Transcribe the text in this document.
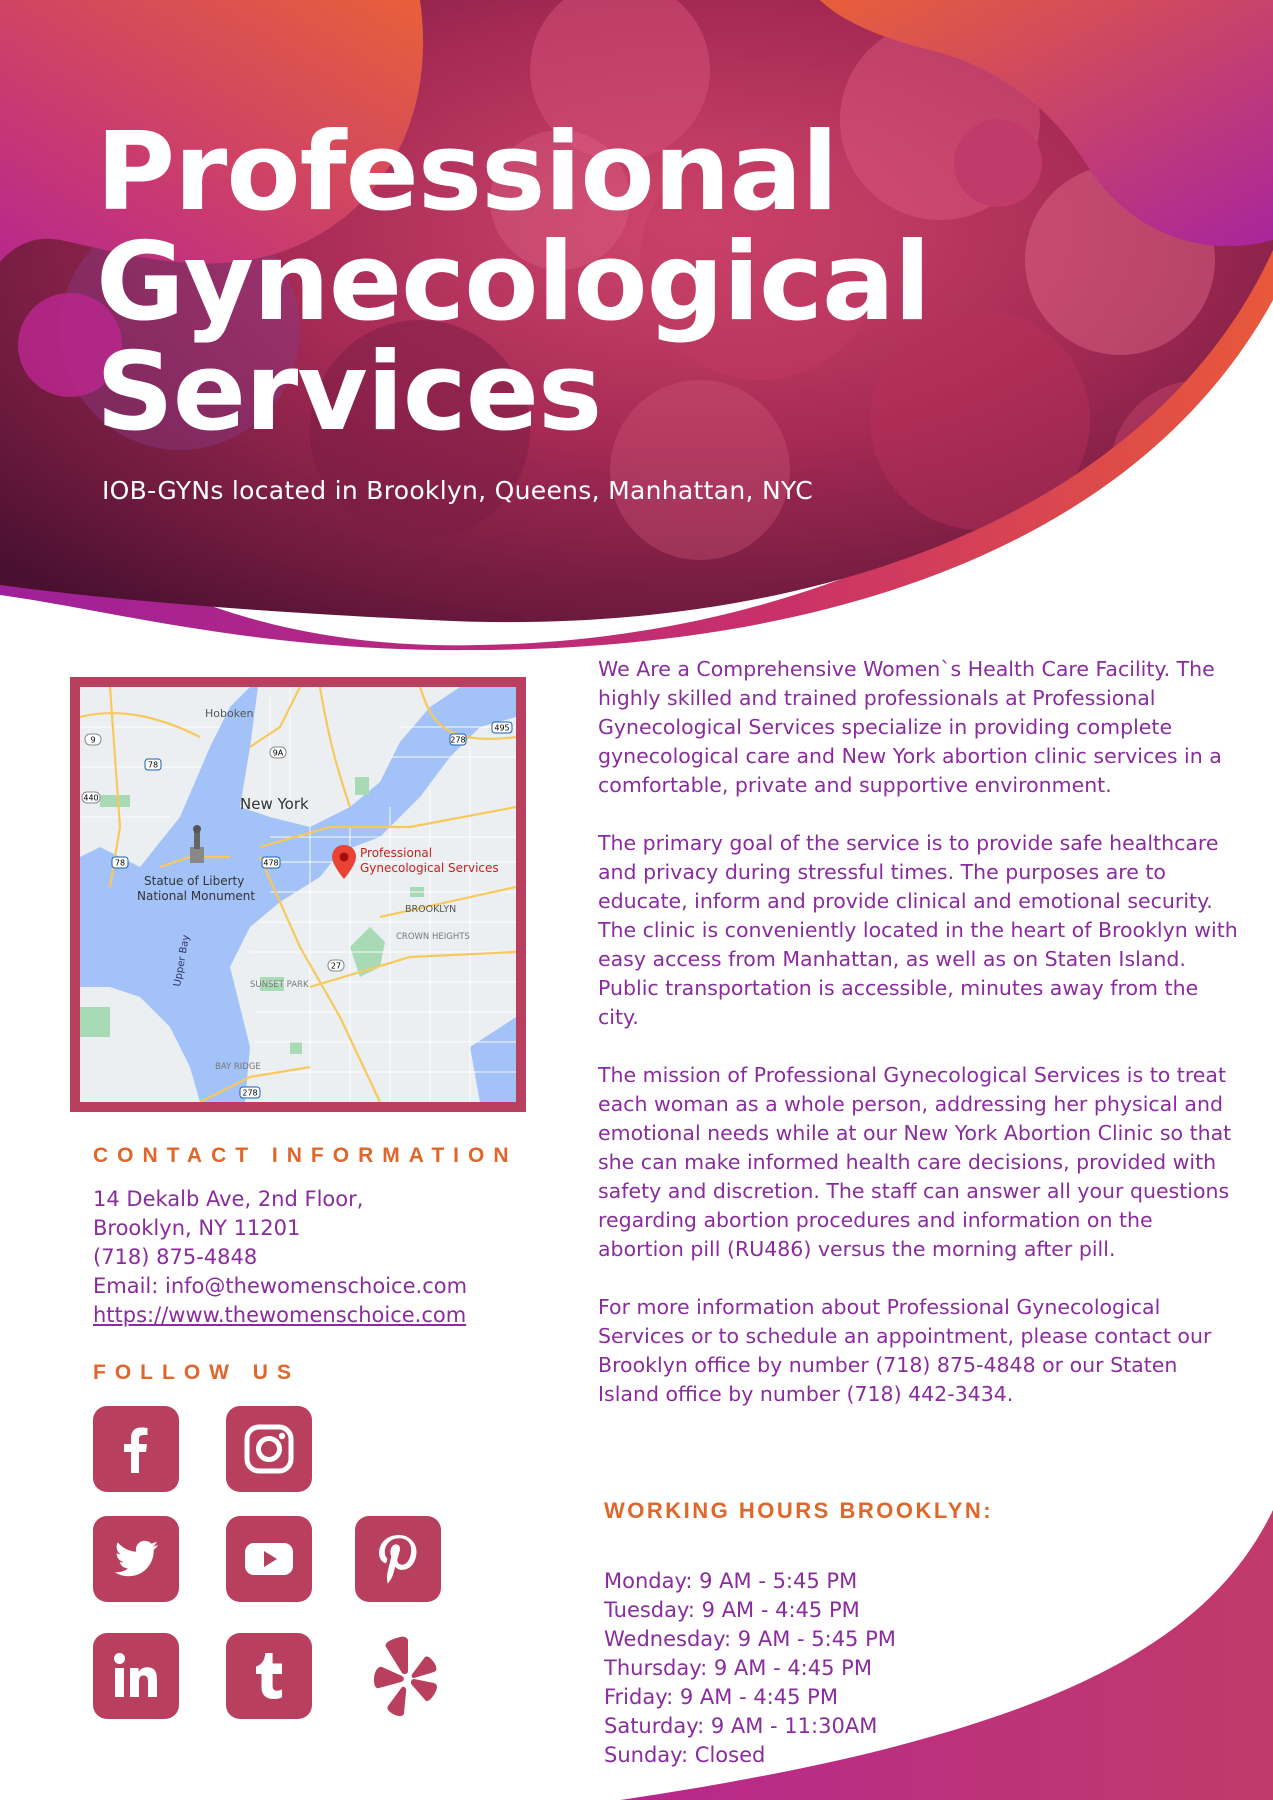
Professional
Gynecological
Services
IOB-GYNs located in Brooklyn, Queens, Manhattan, NYC
9
78
9A
278
495
440
78	478
27
278
Hoboken
New York
Statue of Liberty
National Monument
Professional
Gynecological Services
BROOKLYN
CROWN HEIGHTS
SUNSET PARK
BAY RIDGE
Upper Bay
CONTACT INFORMATION
14 Dekalb Ave, 2nd Floor,
Brooklyn, NY 11201
(718) 875-4848
Email: info@thewomenschoice.com
https://www.thewomenschoice.com
FOLLOW US

We Are a Comprehensive Women`s Health Care Facility. The highly skilled and trained professionals at Professional Gynecological Services specialize in providing complete gynecological care and New York abortion clinic services in a comfortable, private and supportive environment.

The primary goal of the service is to provide safe healthcare and privacy during stressful times. The purposes are to educate, inform and provide clinical and emotional security. The clinic is conveniently located in the heart of Brooklyn with easy access from Manhattan, as well as on Staten Island. Public transportation is accessible, minutes away from the city.

The mission of Professional Gynecological Services is to treat each woman as a whole person, addressing her physical and emotional needs while at our New York Abortion Clinic so that she can make informed health care decisions, provided with safety and discretion. The staff can answer all your questions regarding abortion procedures and information on the abortion pill (RU486) versus the morning after pill.

For more information about Professional Gynecological Services or to schedule an appointment, please contact our Brooklyn office by number (718) 875-4848 or our Staten Island office by number (718) 442-3434.

WORKING HOURS BROOKLYN:
Monday: 9 AM - 5:45 PM
Tuesday: 9 AM - 4:45 PM
Wednesday: 9 AM - 5:45 PM
Thursday: 9 AM - 4:45 PM
Friday: 9 AM - 4:45 PM
Saturday: 9 AM - 11:30AM
Sunday: Closed
